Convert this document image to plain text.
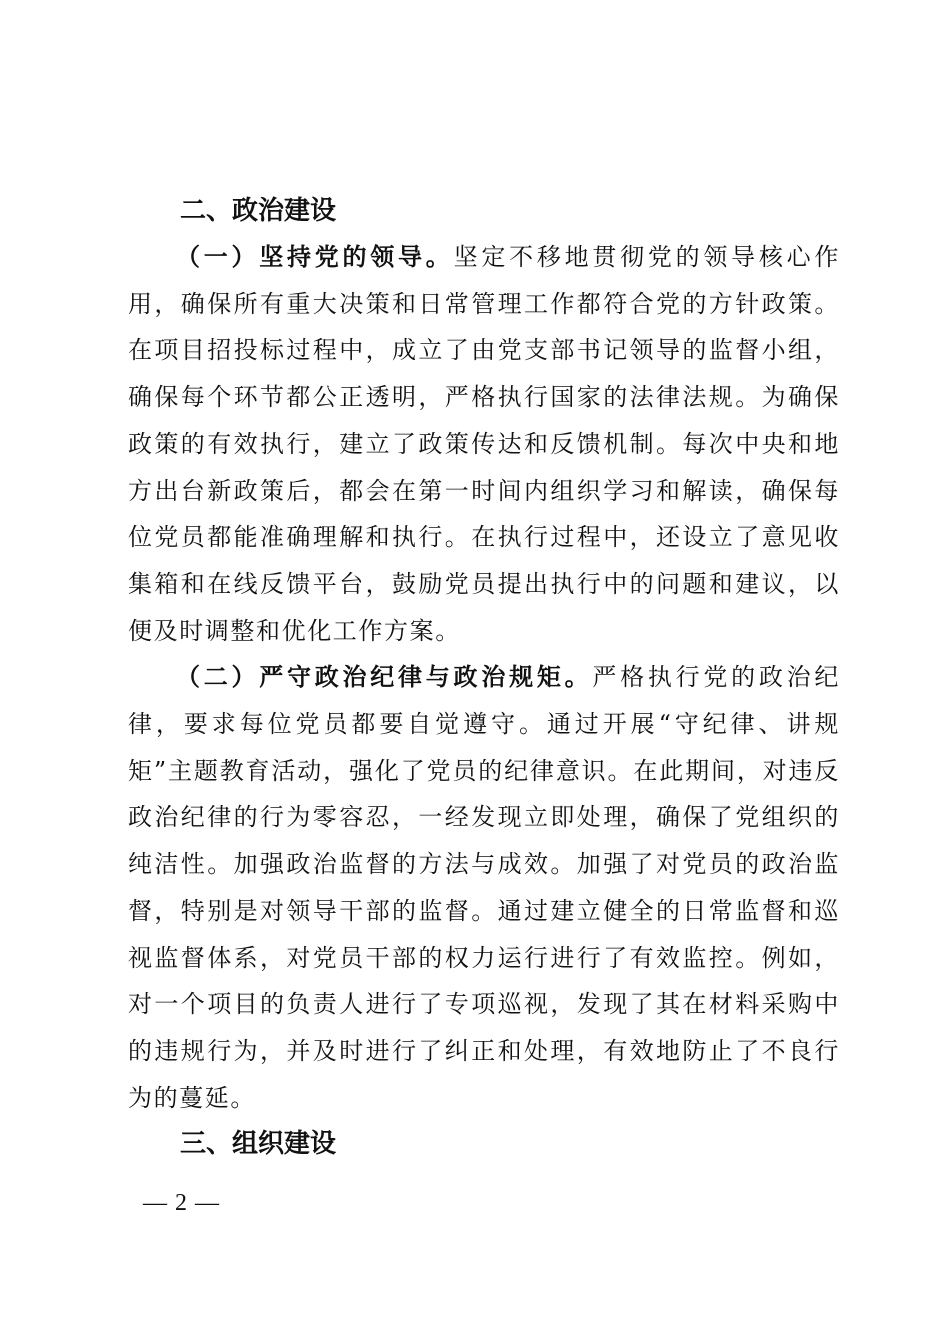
二、政治建设

（一）坚持党的领导。坚定不移地贯彻党的领导核心作用，确保所有重大决策和日常管理工作都符合党的方针政策。在项目招投标过程中，成立了由党支部书记领导的监督小组，确保每个环节都公正透明，严格执行国家的法律法规。为确保政策的有效执行，建立了政策传达和反馈机制。每次中央和地方出台新政策后，都会在第一时间内组织学习和解读，确保每位党员都能准确理解和执行。在执行过程中，还设立了意见收集箱和在线反馈平台，鼓励党员提出执行中的问题和建议，以便及时调整和优化工作方案。

（二）严守政治纪律与政治规矩。严格执行党的政治纪律，要求每位党员都要自觉遵守。通过开展“守纪律、讲规矩”主题教育活动，强化了党员的纪律意识。在此期间，对违反政治纪律的行为零容忍，一经发现立即处理，确保了党组织的纯洁性。加强政治监督的方法与成效。加强了对党员的政治监督，特别是对领导干部的监督。通过建立健全的日常监督和巡视监督体系，对党员干部的权力运行进行了有效监控。例如，对一个项目的负责人进行了专项巡视，发现了其在材料采购中的违规行为，并及时进行了纠正和处理，有效地防止了不良行为的蔓延。

三、组织建设

— 2 —
